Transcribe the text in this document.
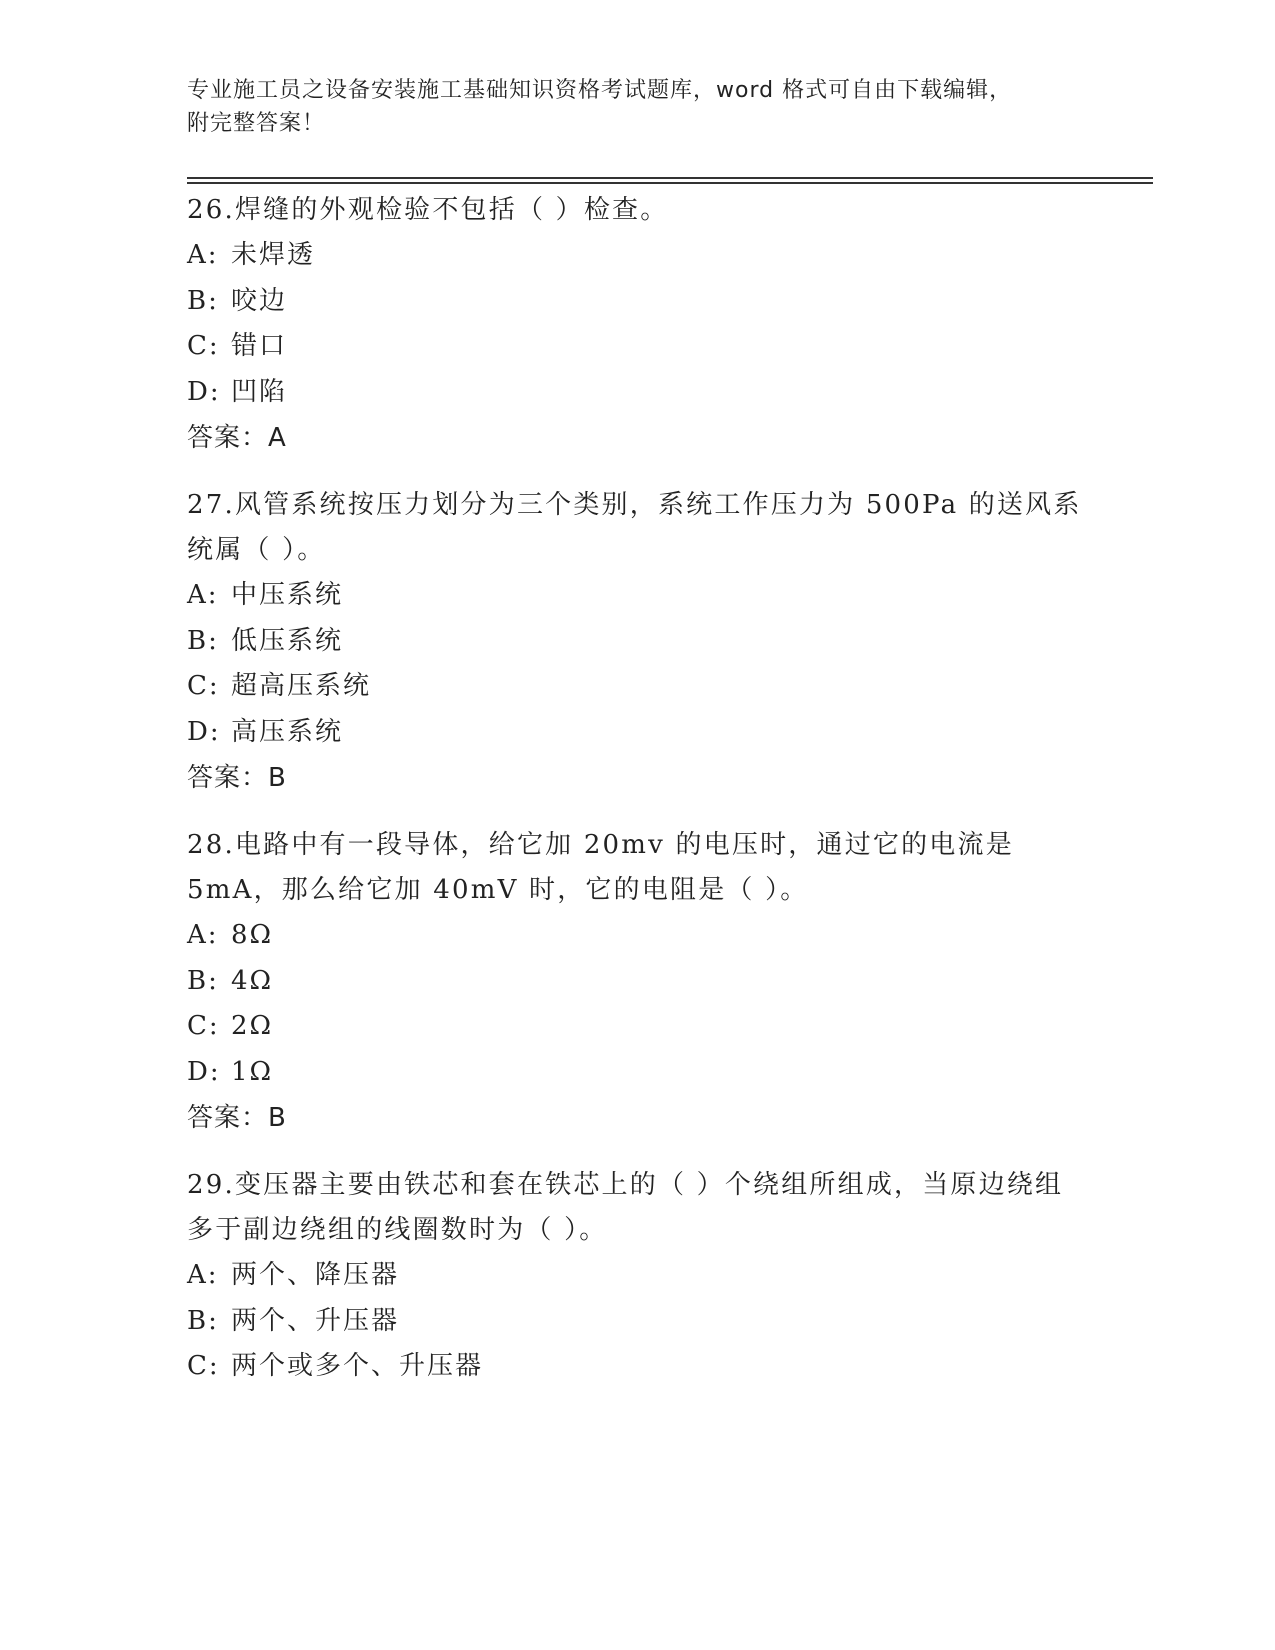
专业施工员之设备安装施工基础知识资格考试题库，word 格式可自由下载编辑，
附完整答案！
26.焊缝的外观检验不包括（ ）检查。
A: 未焊透
B: 咬边
C: 错口
D: 凹陷
答案：A
27.风管系统按压力划分为三个类别，系统工作压力为 500Pa 的送风系统属（ ）。
A: 中压系统
B: 低压系统
C: 超高压系统
D: 高压系统
答案：B
28.电路中有一段导体，给它加 20mv 的电压时，通过它的电流是 5mA，那么给它加 40mV 时，它的电阻是（ ）。
A: 8Ω
B: 4Ω
C: 2Ω
D: 1Ω
答案：B
29.变压器主要由铁芯和套在铁芯上的（ ）个绕组所组成，当原边绕组多于副边绕组的线圈数时为（ ）。
A: 两个、降压器
B: 两个、升压器
C: 两个或多个、升压器
